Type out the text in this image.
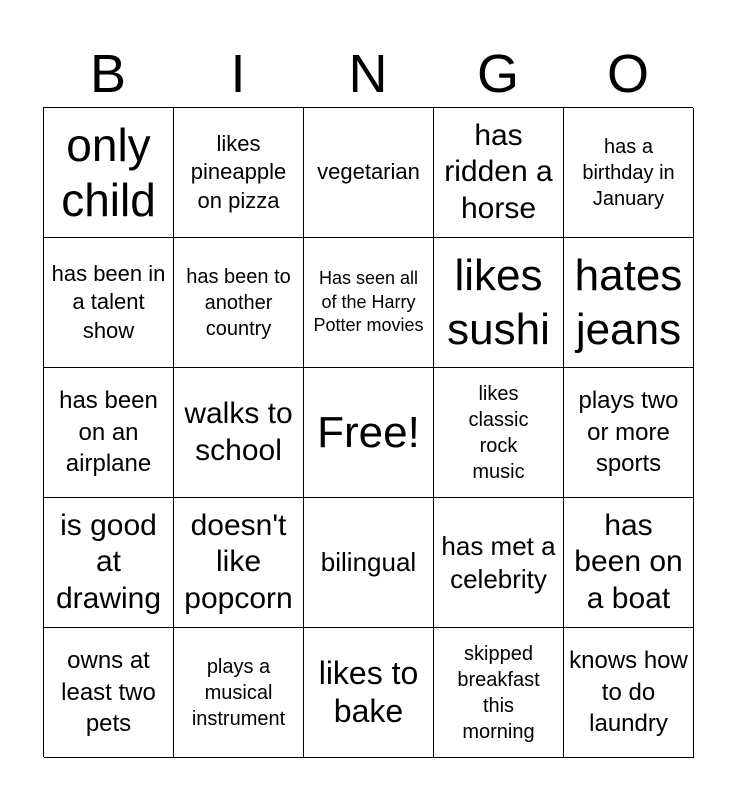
B	I	N	G	O
only child
likes pineapple on pizza
vegetarian
has ridden a horse
has a birthday in January
has been in a talent show
has been to another country
Has seen all of the Harry Potter movies
likes sushi
hates jeans
has been on an airplane
walks to school Free!
likes classic rock music
plays two or more sports
is good at drawing
doesn't like popcorn
bilingual
has met a celebrity
has been on a boat
owns at least two pets
plays a musical instrument
likes to bake
skipped breakfast this morning
knows how to do laundry
